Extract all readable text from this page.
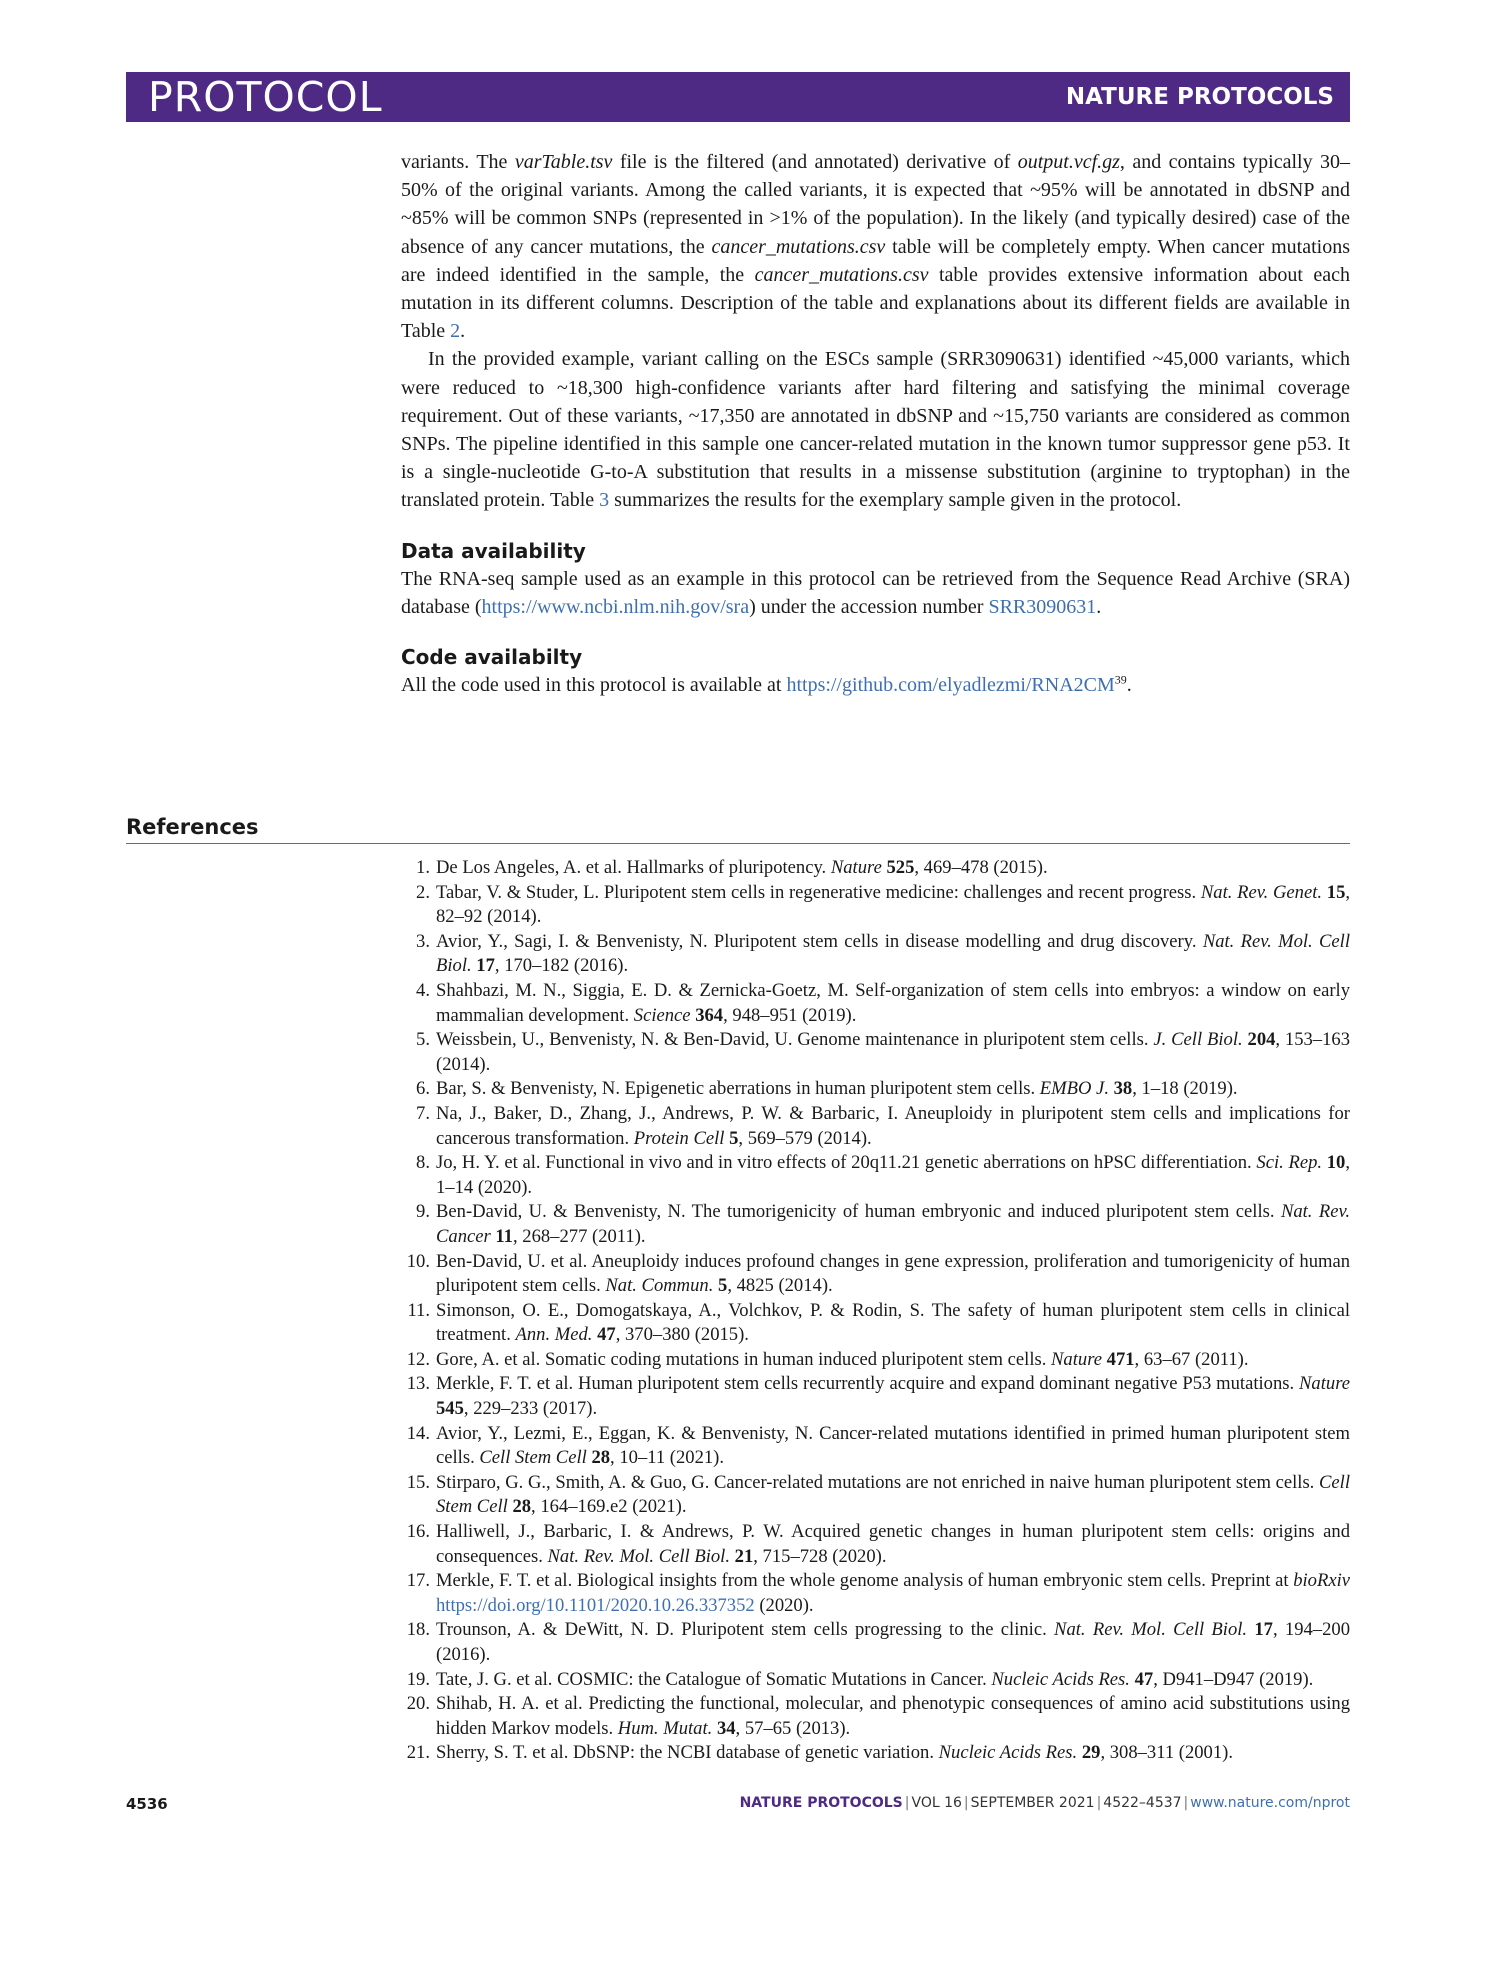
PROTOCOL	NATURE PROTOCOLS

variants. The varTable.tsv file is the filtered (and annotated) derivative of output.vcf.gz, and contains typically 30–50% of the original variants. Among the called variants, it is expected that ~95% will be annotated in dbSNP and ~85% will be common SNPs (represented in >1% of the population). In the likely (and typically desired) case of the absence of any cancer mutations, the cancer_mutations.csv table will be completely empty. When cancer mutations are indeed identified in the sample, the cancer_mutations.csv table provides extensive information about each mutation in its different columns. Description of the table and explanations about its different fields are available in Table 2.

In the provided example, variant calling on the ESCs sample (SRR3090631) identified ~45,000 variants, which were reduced to ~18,300 high-confidence variants after hard filtering and satisfying the minimal coverage requirement. Out of these variants, ~17,350 are annotated in dbSNP and ~15,750 variants are considered as common SNPs. The pipeline identified in this sample one cancer-related mutation in the known tumor suppressor gene p53. It is a single-nucleotide G-to-A substitution that results in a missense substitution (arginine to tryptophan) in the translated protein. Table 3 summarizes the results for the exemplary sample given in the protocol.

Data availability

The RNA-seq sample used as an example in this protocol can be retrieved from the Sequence Read Archive (SRA) database (https://www.ncbi.nlm.nih.gov/sra) under the accession number SRR3090631.

Code availabilty

All the code used in this protocol is available at https://github.com/elyadlezmi/RNA2CM$^{39}$.

References
1. De Los Angeles, A. et al. Hallmarks of pluripotency. Nature 525, 469–478 (2015).
2. Tabar, V. & Studer, L. Pluripotent stem cells in regenerative medicine: challenges and recent progress. Nat. Rev. Genet. 15, 82–92 (2014).
3. Avior, Y., Sagi, I. & Benvenisty, N. Pluripotent stem cells in disease modelling and drug discovery. Nat. Rev. Mol. Cell Biol. 17, 170–182 (2016).
4. Shahbazi, M. N., Siggia, E. D. & Zernicka-Goetz, M. Self-organization of stem cells into embryos: a window on early mammalian development. Science 364, 948–951 (2019).
5. Weissbein, U., Benvenisty, N. & Ben-David, U. Genome maintenance in pluripotent stem cells. J. Cell Biol. 204, 153–163 (2014).
6. Bar, S. & Benvenisty, N. Epigenetic aberrations in human pluripotent stem cells. EMBO J. 38, 1–18 (2019).
7. Na, J., Baker, D., Zhang, J., Andrews, P. W. & Barbaric, I. Aneuploidy in pluripotent stem cells and implications for cancerous transformation. Protein Cell 5, 569–579 (2014).
8. Jo, H. Y. et al. Functional in vivo and in vitro effects of 20q11.21 genetic aberrations on hPSC differentiation. Sci. Rep. 10, 1–14 (2020).
9. Ben-David, U. & Benvenisty, N. The tumorigenicity of human embryonic and induced pluripotent stem cells. Nat. Rev. Cancer 11, 268–277 (2011).
10. Ben-David, U. et al. Aneuploidy induces profound changes in gene expression, proliferation and tumorigenicity of human pluripotent stem cells. Nat. Commun. 5, 4825 (2014).
11. Simonson, O. E., Domogatskaya, A., Volchkov, P. & Rodin, S. The safety of human pluripotent stem cells in clinical treatment. Ann. Med. 47, 370–380 (2015).
12. Gore, A. et al. Somatic coding mutations in human induced pluripotent stem cells. Nature 471, 63–67 (2011).
13. Merkle, F. T. et al. Human pluripotent stem cells recurrently acquire and expand dominant negative P53 mutations. Nature 545, 229–233 (2017).
14. Avior, Y., Lezmi, E., Eggan, K. & Benvenisty, N. Cancer-related mutations identified in primed human pluripotent stem cells. Cell Stem Cell 28, 10–11 (2021).
15. Stirparo, G. G., Smith, A. & Guo, G. Cancer-related mutations are not enriched in naive human pluripotent stem cells. Cell Stem Cell 28, 164–169.e2 (2021).
16. Halliwell, J., Barbaric, I. & Andrews, P. W. Acquired genetic changes in human pluripotent stem cells: origins and consequences. Nat. Rev. Mol. Cell Biol. 21, 715–728 (2020).
17. Merkle, F. T. et al. Biological insights from the whole genome analysis of human embryonic stem cells. Preprint at bioRxiv https://doi.org/10.1101/2020.10.26.337352 (2020).
18. Trounson, A. & DeWitt, N. D. Pluripotent stem cells progressing to the clinic. Nat. Rev. Mol. Cell Biol. 17, 194–200 (2016).
19. Tate, J. G. et al. COSMIC: the Catalogue of Somatic Mutations in Cancer. Nucleic Acids Res. 47, D941–D947 (2019).
20. Shihab, H. A. et al. Predicting the functional, molecular, and phenotypic consequences of amino acid substitutions using hidden Markov models. Hum. Mutat. 34, 57–65 (2013).
21. Sherry, S. T. et al. DbSNP: the NCBI database of genetic variation. Nucleic Acids Res. 29, 308–311 (2001).
4536	NATURE PROTOCOLS | VOL 16 | SEPTEMBER 2021 | 4522–4537 | www.nature.com/nprot
